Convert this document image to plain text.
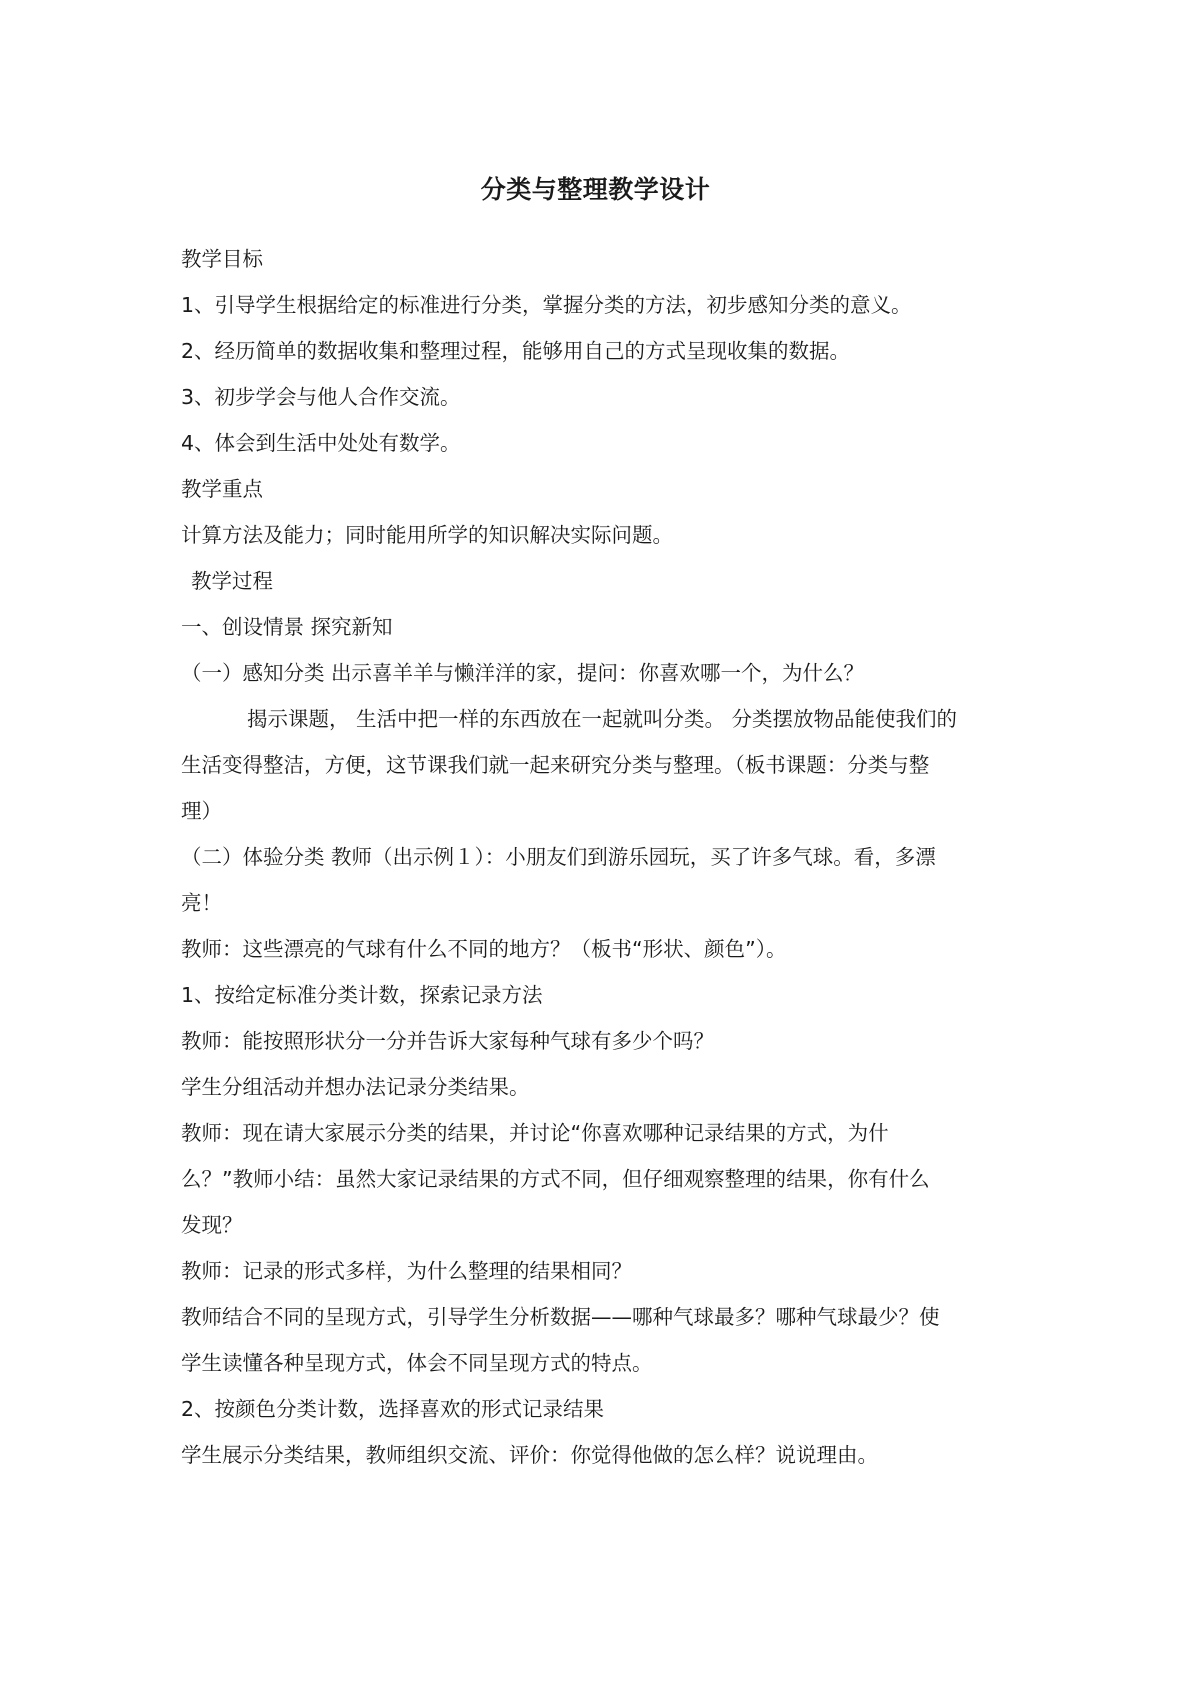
分类与整理教学设计
教学目标
1、引导学生根据给定的标准进行分类，掌握分类的方法，初步感知分类的意义。
2、经历简单的数据收集和整理过程，能够用自己的方式呈现收集的数据。
3、初步学会与他人合作交流。
4、体会到生活中处处有数学。
教学重点
计算方法及能力；同时能用所学的知识解决实际问题。
教学过程
一、创设情景 探究新知
（一）感知分类 出示喜羊羊与懒洋洋的家，提问：你喜欢哪一个，为什么？
揭示课题， 生活中把一样的东西放在一起就叫分类。 分类摆放物品能使我们的
生活变得整洁，方便，这节课我们就一起来研究分类与整理。（板书课题：分类与整
理）
（二）体验分类 教师（出示例１）：小朋友们到游乐园玩，买了许多气球。看，多漂
亮！
教师：这些漂亮的气球有什么不同的地方？（板书“形状、颜色”）。
1、按给定标准分类计数，探索记录方法
教师：能按照形状分一分并告诉大家每种气球有多少个吗？
学生分组活动并想办法记录分类结果。
教师：现在请大家展示分类的结果，并讨论“你喜欢哪种记录结果的方式，为什
么？”教师小结：虽然大家记录结果的方式不同，但仔细观察整理的结果，你有什么
发现？
教师：记录的形式多样，为什么整理的结果相同？
教师结合不同的呈现方式，引导学生分析数据——哪种气球最多？哪种气球最少？使
学生读懂各种呈现方式，体会不同呈现方式的特点。
2、按颜色分类计数，选择喜欢的形式记录结果
学生展示分类结果，教师组织交流、评价：你觉得他做的怎么样？说说理由。
